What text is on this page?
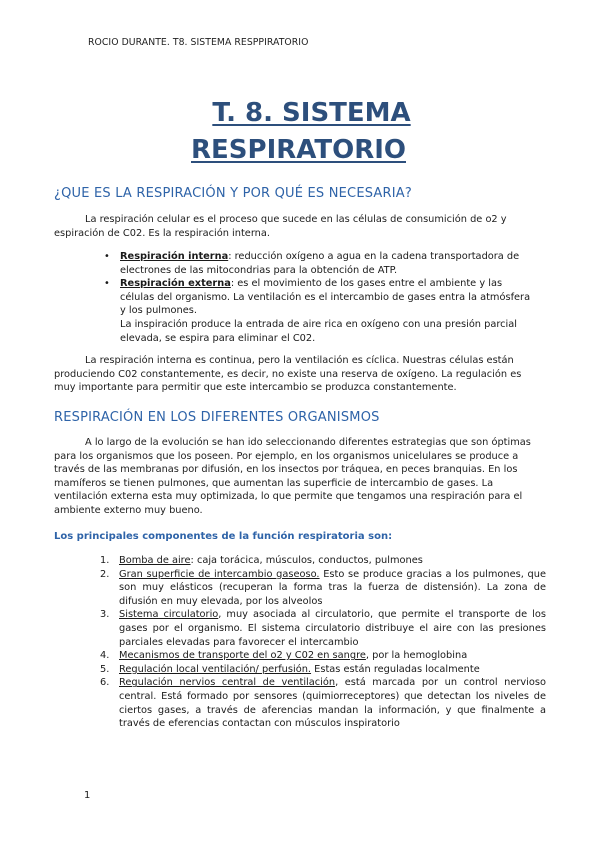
ROCIO DURANTE. T8. SISTEMA RESPPIRATORIO
T. 8. SISTEMA
RESPIRATORIO
¿QUE ES LA RESPIRACIÓN Y POR QUÉ ES NECESARIA?
La respiración celular es el proceso que sucede en las células de consumición de o2 y espiración de C02. Es la respiración interna.
• Respiración interna: reducción oxígeno a agua en la cadena transportadora de electrones de las mitocondrias para la obtención de ATP.
• Respiración externa: es el movimiento de los gases entre el ambiente y las células del organismo. La ventilación es el intercambio de gases entra la atmósfera y los pulmones.
La inspiración produce la entrada de aire rica en oxígeno con una presión parcial elevada, se espira para eliminar el C02.
La respiración interna es continua, pero la ventilación es cíclica. Nuestras células están produciendo C02 constantemente, es decir, no existe una reserva de oxígeno. La regulación es muy importante para permitir que este intercambio se produzca constantemente.
RESPIRACIÓN EN LOS DIFERENTES ORGANISMOS
A lo largo de la evolución se han ido seleccionando diferentes estrategias que son óptimas para los organismos que los poseen. Por ejemplo, en los organismos unicelulares se produce a través de las membranas por difusión, en los insectos por tráquea, en peces branquias. En los mamíferos se tienen pulmones, que aumentan las superficie de intercambio de gases. La ventilación externa esta muy optimizada, lo que permite que tengamos una respiración para el ambiente externo muy bueno.
Los principales componentes de la función respiratoria son:
1. Bomba de aire: caja torácica, músculos, conductos, pulmones
2. Gran superficie de intercambio gaseoso. Esto se produce gracias a los pulmones, que son muy elásticos (recuperan la forma tras la fuerza de distensión). La zona de difusión en muy elevada, por los alveolos
3. Sistema circulatorio, muy asociada al circulatorio, que permite el transporte de los gases por el organismo. El sistema circulatorio distribuye el aire con las presiones parciales elevadas para favorecer el intercambio
4. Mecanismos de transporte del o2 y C02 en sangre, por la hemoglobina
5. Regulación local ventilación/ perfusión. Estas están reguladas localmente
6. Regulación nervios central de ventilación, está marcada por un control nervioso central. Está formado por sensores (quimiorreceptores) que detectan los niveles de ciertos gases, a través de aferencias mandan la información, y que finalmente a través de eferencias contactan con músculos inspiratorio
1
